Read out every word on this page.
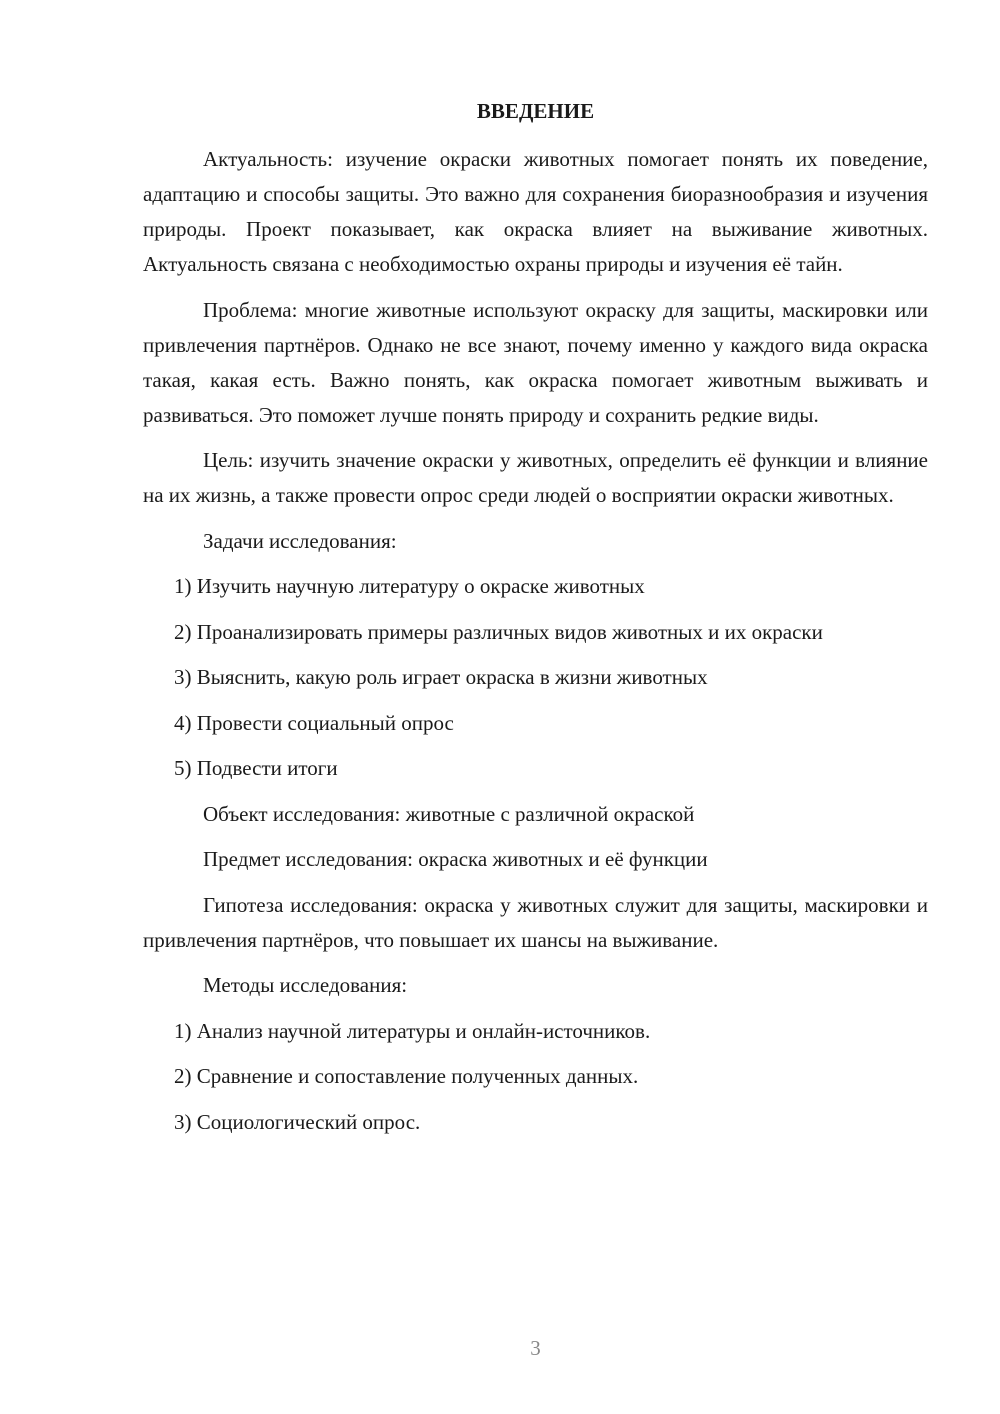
ВВЕДЕНИЕ

Актуальность: изучение окраски животных помогает понять их поведение, адаптацию и способы защиты. Это важно для сохранения биоразнообразия и изучения природы. Проект показывает, как окраска влияет на выживание животных. Актуальность связана с необходимостью охраны природы и изучения её тайн.

Проблема: многие животные используют окраску для защиты, маскировки или привлечения партнёров. Однако не все знают, почему именно у каждого вида окраска такая, какая есть. Важно понять, как окраска помогает животным выживать и развиваться. Это поможет лучше понять природу и сохранить редкие виды.

Цель: изучить значение окраски у животных, определить её функции и влияние на их жизнь, а также провести опрос среди людей о восприятии окраски животных.

Задачи исследования:

1) Изучить научную литературу о окраске животных

2) Проанализировать примеры различных видов животных и их окраски

3) Выяснить, какую роль играет окраска в жизни животных

4) Провести социальный опрос

5) Подвести итоги

Объект исследования: животные с различной окраской

Предмет исследования: окраска животных и её функции

Гипотеза исследования: окраска у животных служит для защиты, маскировки и привлечения партнёров, что повышает их шансы на выживание.

Методы исследования:

1) Анализ научной литературы и онлайн-источников.

2) Сравнение и сопоставление полученных данных.

3) Социологический опрос.

3
